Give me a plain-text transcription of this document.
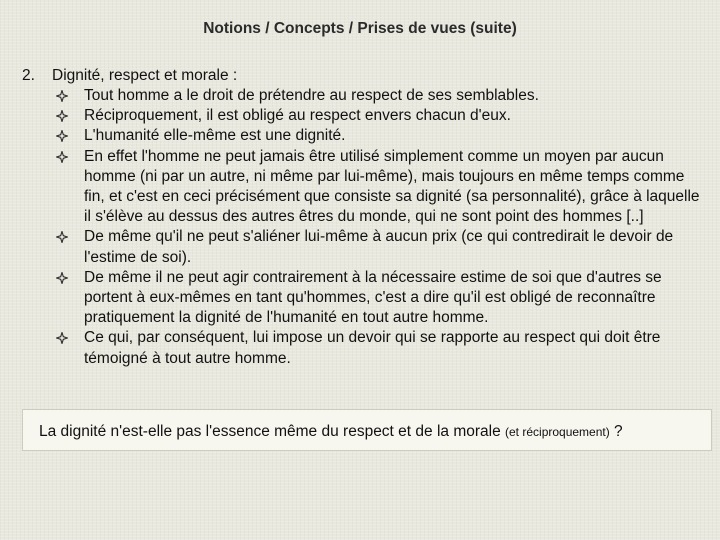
Notions / Concepts / Prises de vues (suite)
2. Dignité, respect et morale :
Tout homme a le droit de prétendre au respect de ses semblables.
Réciproquement, il est obligé au respect envers chacun d'eux.
L'humanité elle-même est une dignité.
En effet l'homme ne peut jamais être utilisé simplement comme un moyen par aucun homme (ni par un autre, ni même par lui-même), mais toujours en même temps comme fin, et c'est en ceci précisément que consiste sa dignité (sa personnalité), grâce à laquelle il s'élève au dessus des autres êtres du monde, qui ne sont point des hommes [..]
De même qu'il ne peut s'aliéner lui-même à aucun prix (ce qui contredirait le devoir de l'estime de soi).
De même il ne peut agir contrairement à la nécessaire estime de soi que d'autres se portent à eux-mêmes en tant qu'hommes, c'est a dire qu'il est obligé de reconnaître pratiquement la dignité de l'humanité en tout autre homme.
Ce qui, par conséquent, lui impose un devoir qui se rapporte au respect qui doit être témoigné à tout autre homme.
La dignité n'est-elle pas l'essence même du respect et de la morale (et réciproquement) ?
